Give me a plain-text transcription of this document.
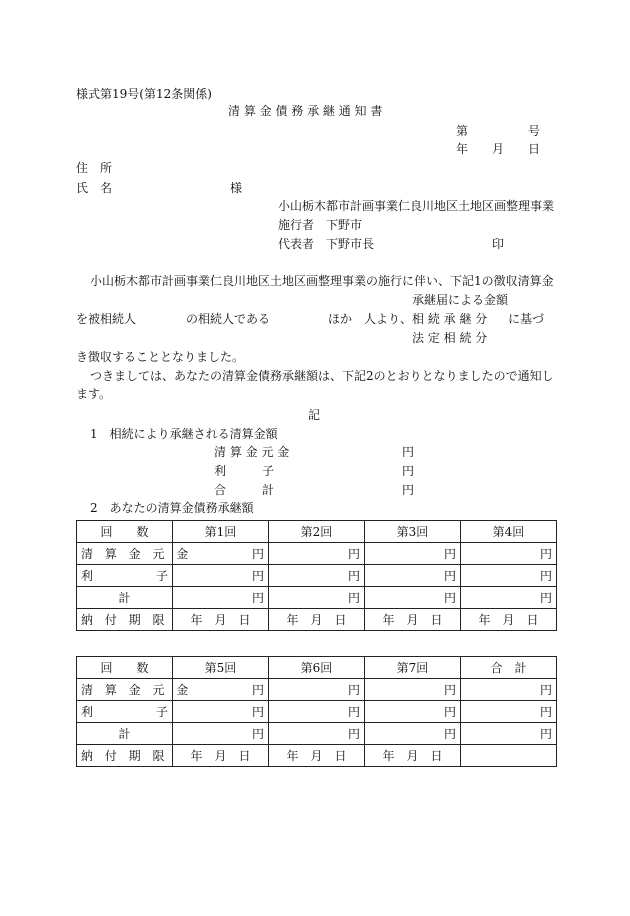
様式第19号(第12条関係)
清 算 金 債 務 承 継 通 知 書
第	号
年 月 日
住　所
氏　名	様
小山栃木都市計画事業仁良川地区土地区画整理事業
施行者　下野市
代表者　下野市長	印
小山栃木都市計画事業仁良川地区土地区画整理事業の施行に伴い、下記1の徴収清算金
承継届による金額
を被相続人	の相続人である	ほか　人より、 相 続 承 継 分 に基づ
法 定 相 続 分
き徴収することとなりました。
つきましては、あなたの清算金債務承継額は、下記2のとおりとなりましたので通知し
ます。
記
1　相続により承継される清算金額
清 算 金 元 金	円
利　　　子	円
合　　　計	円
2　あなたの清算金債務承継額
回　　数	第1回	第2回	第3回	第4回
清 算 金 元 金	円	円	円	円

利 子	円	円	円	円
計	円	円	円	円
納 付 期 限	年　月　日	年　月　日	年　月　日	年　月　日
回　　数	第5回	第6回	第7回	合　計
清 算 金 元 金	円	円	円	円

利 子	円	円	円	円
計	円	円	円	円
納 付 期 限	年　月　日	年　月　日	年　月　日	
